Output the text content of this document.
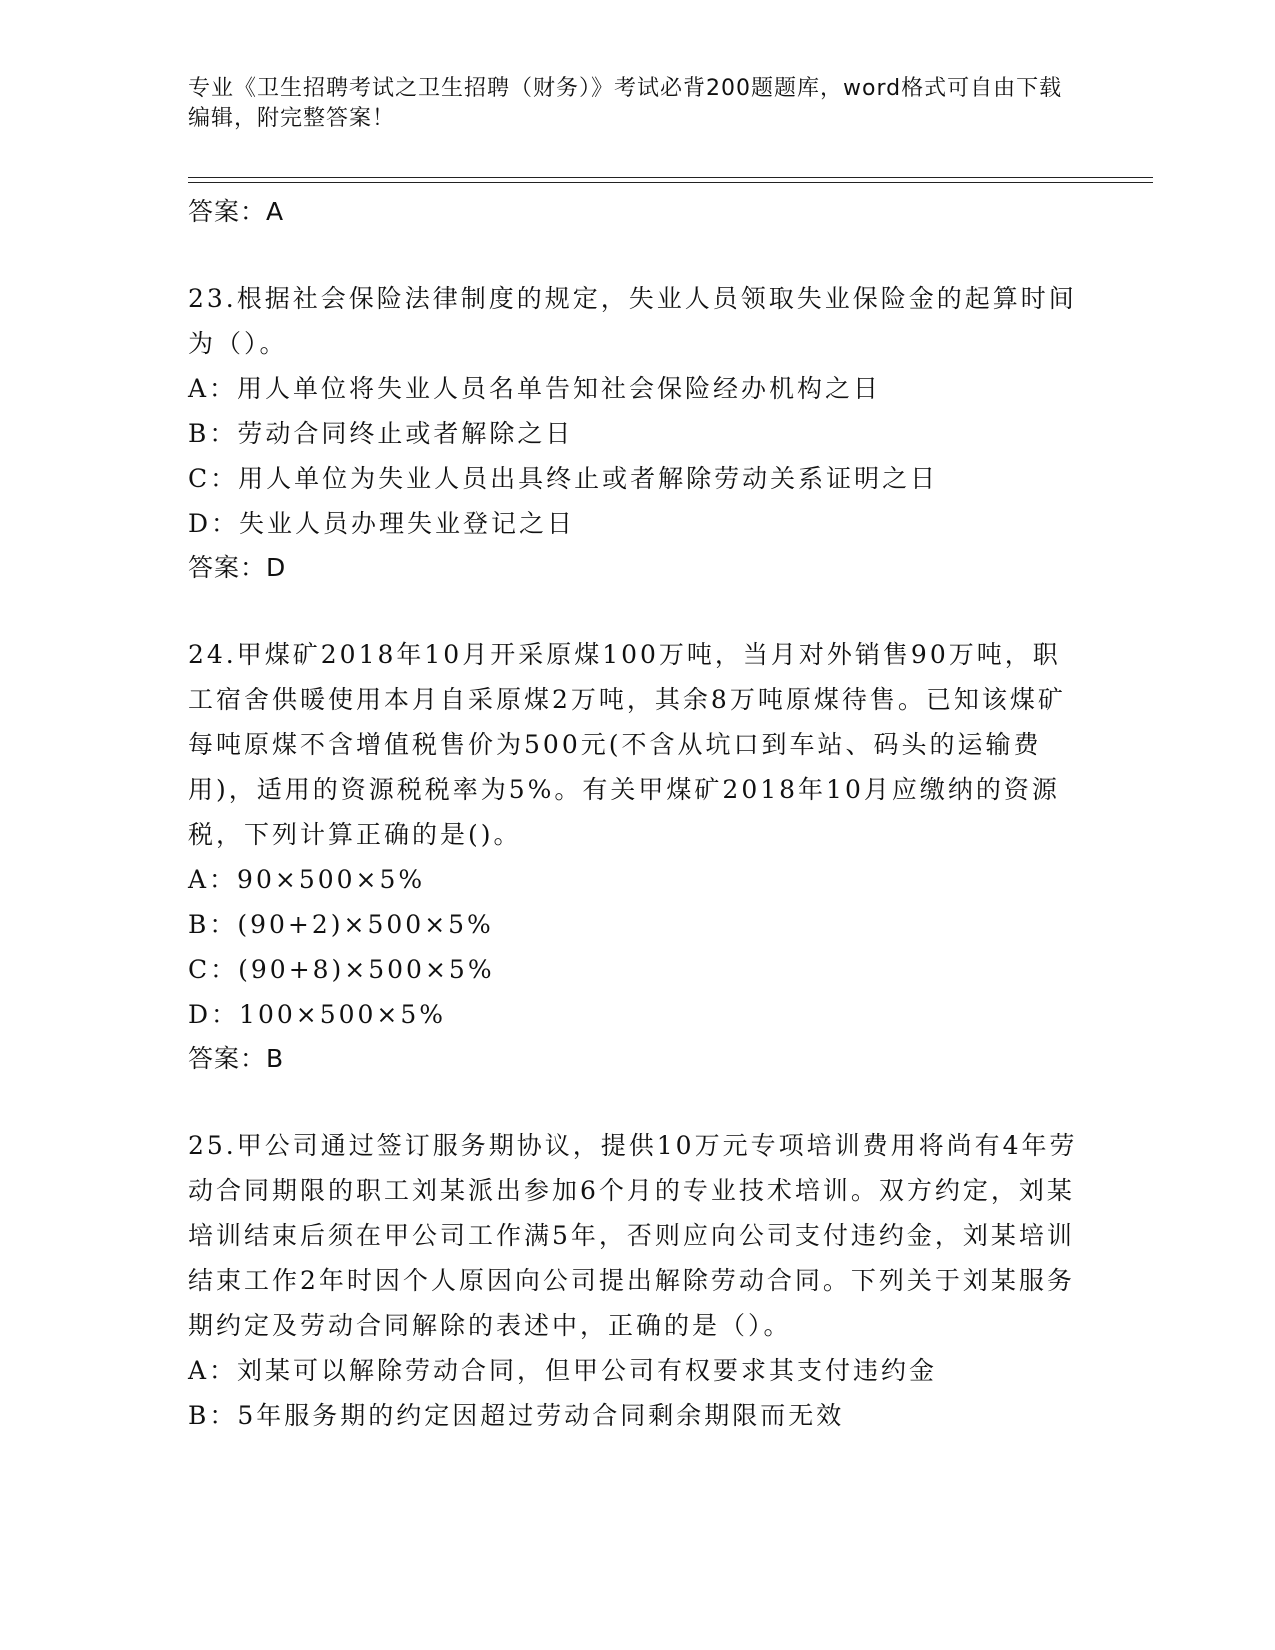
专业《卫生招聘考试之卫生招聘（财务）》考试必背200题题库，word格式可自由下载编辑，附完整答案！

答案：A

23.根据社会保险法律制度的规定，失业人员领取失业保险金的起算时间为（）。

A：用人单位将失业人员名单告知社会保险经办机构之日

B：劳动合同终止或者解除之日

C：用人单位为失业人员出具终止或者解除劳动关系证明之日

D：失业人员办理失业登记之日

答案：D

24.甲煤矿2018年10月开采原煤100万吨，当月对外销售90万吨，职工宿舍供暖使用本月自采原煤2万吨，其余8万吨原煤待售。已知该煤矿每吨原煤不含增值税售价为500元(不含从坑口到车站、码头的运输费用)，适用的资源税税率为5%。有关甲煤矿2018年10月应缴纳的资源税，下列计算正确的是()。

A：90×500×5%

B：(90+2)×500×5%

C：(90+8)×500×5%

D：100×500×5%

答案：B

25.甲公司通过签订服务期协议，提供10万元专项培训费用将尚有4年劳动合同期限的职工刘某派出参加6个月的专业技术培训。双方约定，刘某培训结束后须在甲公司工作满5年，否则应向公司支付违约金，刘某培训结束工作2年时因个人原因向公司提出解除劳动合同。下列关于刘某服务期约定及劳动合同解除的表述中，正确的是（）。

A：刘某可以解除劳动合同，但甲公司有权要求其支付违约金

B：5年服务期的约定因超过劳动合同剩余期限而无效
